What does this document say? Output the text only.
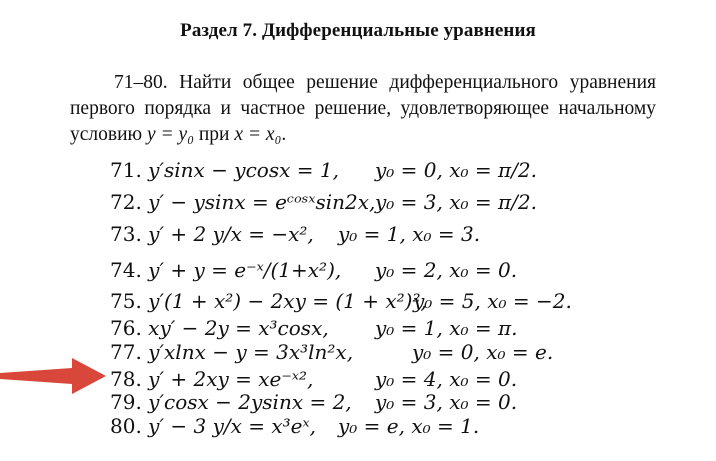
Раздел 7. Дифференциальные уравнения
71–80. Найти общее решение дифференциального уравнения
первого порядка и частное решение, удовлетворяющее начальному
условию y = y₀ при x = x₀.
71. y′sinx − ycosx = 1, y₀ = 0, x₀ = π/2.
72. y′ − ysinx = eᶜᵒˢˣsin2x, y₀ = 3, x₀ = π/2.
73. y′ + 2 y/x = −x², y₀ = 1, x₀ = 3.
74. y′ + y = e⁻ˣ/(1+x²), y₀ = 2, x₀ = 0.
75. y′(1 + x²) − 2xy = (1 + x²)²,
y₀ = 5, x₀ = −2.
76. xy′ − 2y = x³cosx, y₀ = 1, x₀ = π.
77. y′xlnx − y = 3x³ln²x,	y₀ = 0, x₀ = e.
78. y′ + 2xy = xe⁻ˣ²,	y₀ = 4, x₀ = 0.
79. y′cosx − 2ysinx = 2, y₀ = 3, x₀ = 0.
80. y′ − 3 y/x = x³eˣ, y₀ = e, x₀ = 1.
